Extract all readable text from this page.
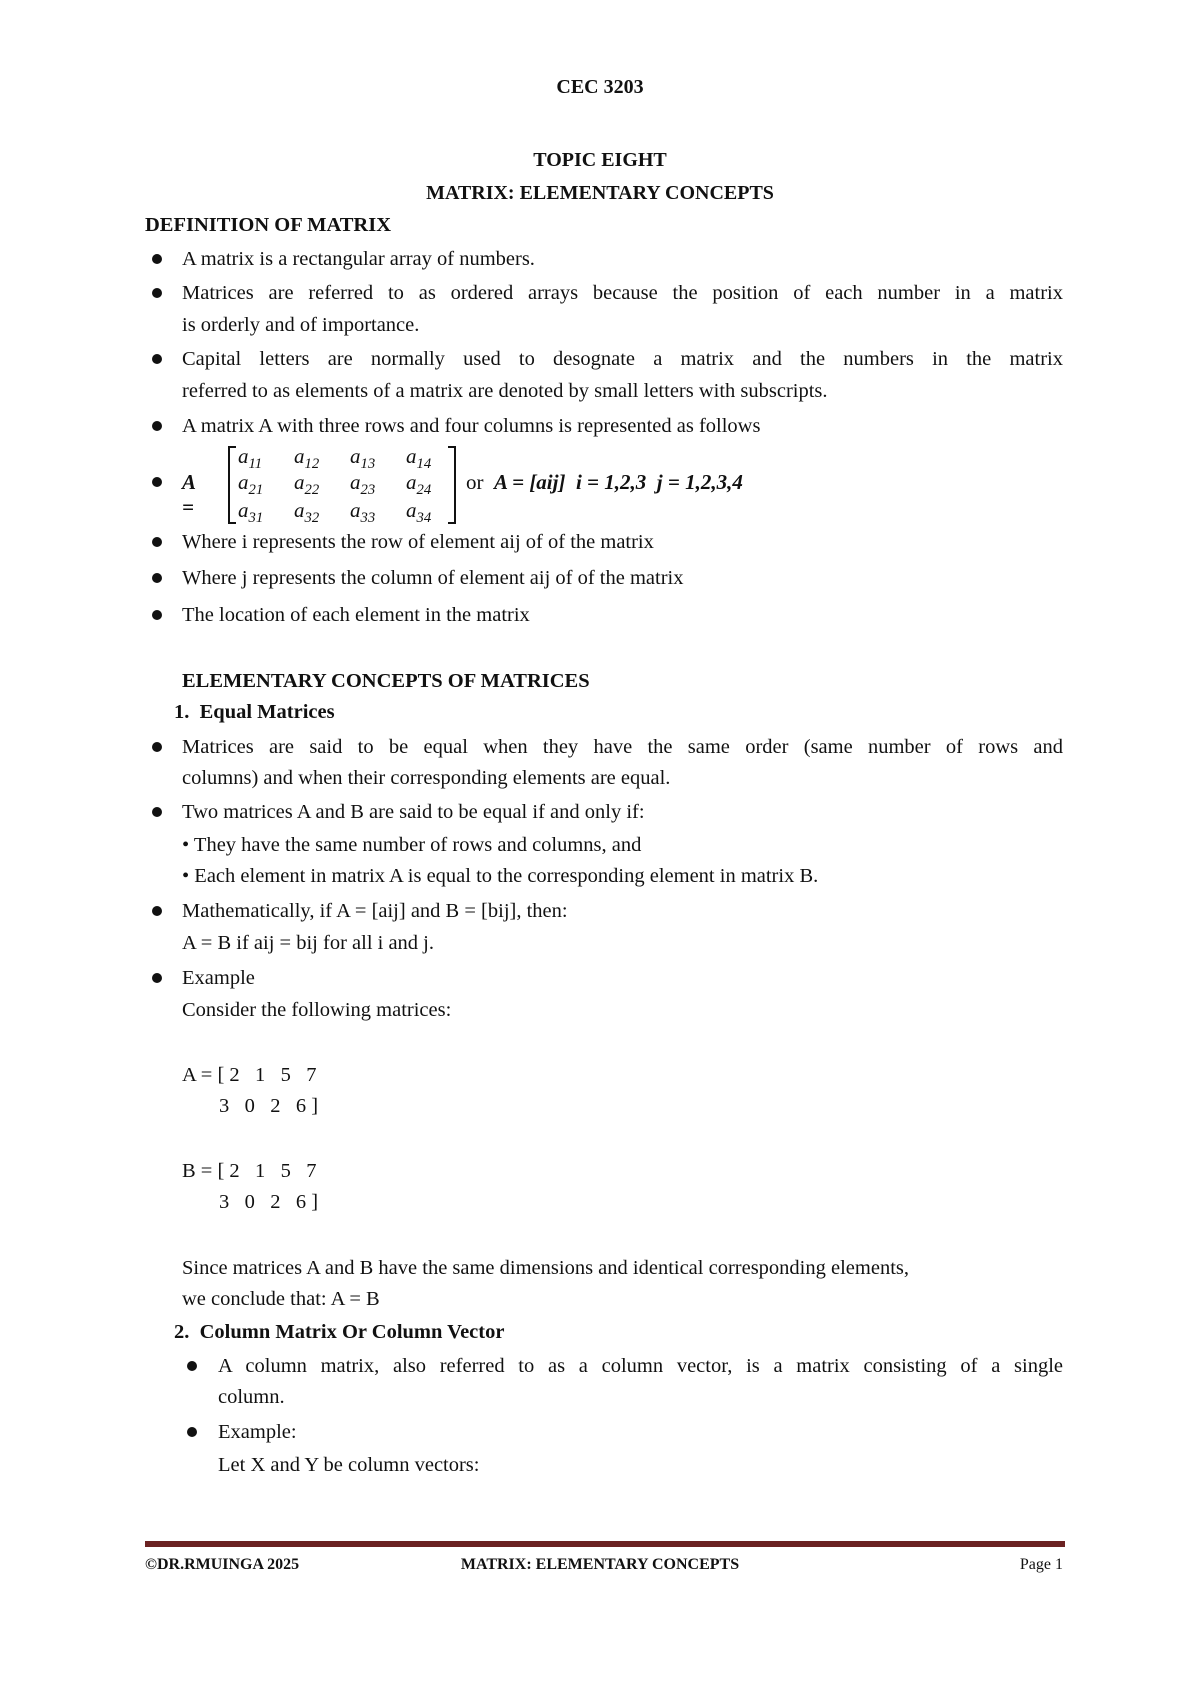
CEC 3203
TOPIC EIGHT
MATRIX: ELEMENTARY CONCEPTS
DEFINITION OF MATRIX
A matrix is a rectangular array of numbers.
Matrices are referred to as ordered arrays because the position of each number in a matrix
is orderly and of importance.
Capital letters are normally used to desognate a matrix and the numbers in the matrix
referred to as elements of a matrix are denoted by small letters with subscripts.
A matrix A with three rows and four columns is represented as follows
A =
$a_{11}$ $a_{12}$ $a_{13}$ $a_{14}$
$a_{21}$ $a_{22}$ $a_{23}$ $a_{24}$
$a_{31}$ $a_{32}$ $a_{33}$ $a_{34}$
or A = [aij]  i = 1,2,3  j = 1,2,3,4
Where i represents the row of element aij of of the matrix
Where j represents the column of element aij of of the matrix
The location of each element in the matrix
ELEMENTARY CONCEPTS OF MATRICES
1.  Equal Matrices
Matrices are said to be equal when they have the same order (same number of rows and
columns) and when their corresponding elements are equal.
Two matrices A and B are said to be equal if and only if:
• They have the same number of rows and columns, and
• Each element in matrix A is equal to the corresponding element in matrix B.
Mathematically, if A = [aij] and B = [bij], then:
A = B if aij = bij for all i and j.
Example
Consider the following matrices:
A = [ 2   1   5   7
3   0   2   6 ]
B = [ 2   1   5   7
3   0   2   6 ]
Since matrices A and B have the same dimensions and identical corresponding elements,
we conclude that: A = B
2.  Column Matrix Or Column Vector
A column matrix, also referred to as a column vector, is a matrix consisting of a single
column.
Example:
Let X and Y be column vectors:
©DR.RMUINGA 2025	MATRIX: ELEMENTARY CONCEPTS	Page 1
